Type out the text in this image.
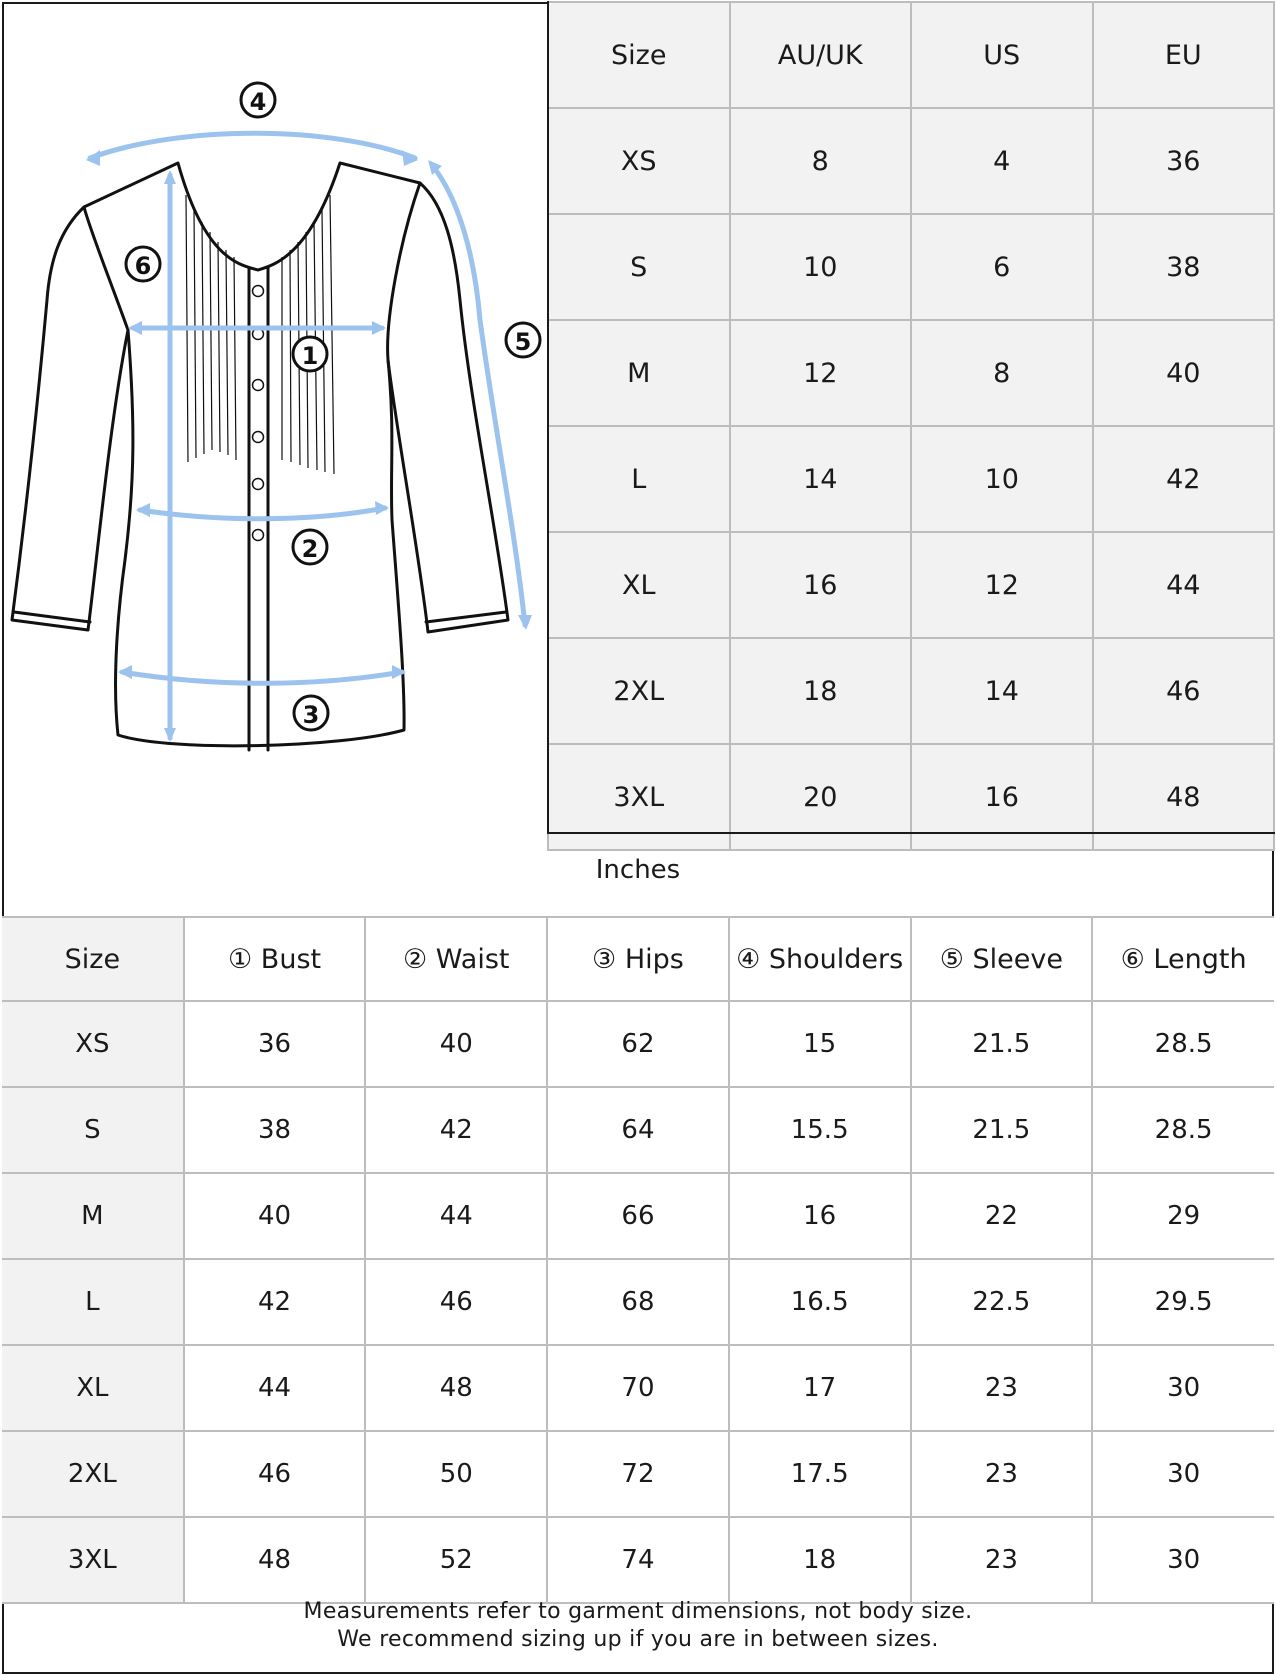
4
6
1	5
2
3
Size	AU/UK	US	EU
XS	8	4	36
S	10	6	38
M	12	8	40
L	14	10	42
XL	16	12	44
2XL	18	14	46
3XL	20	16	48
Inches
Size	① Bust	② Waist	③ Hips	④ Shoulders	⑤ Sleeve	⑥ Length
XS	36	40	62	15	21.5	28.5
S	38	42	64	15.5	21.5	28.5
M	40	44	66	16	22	29
L	42	46	68	16.5	22.5	29.5
XL	44	48	70	17	23	30
2XL	46	50	72	17.5	23	30
3XL	48	52	74	18	23	30
Measurements refer to garment dimensions, not body size.
We recommend sizing up if you are in between sizes.
